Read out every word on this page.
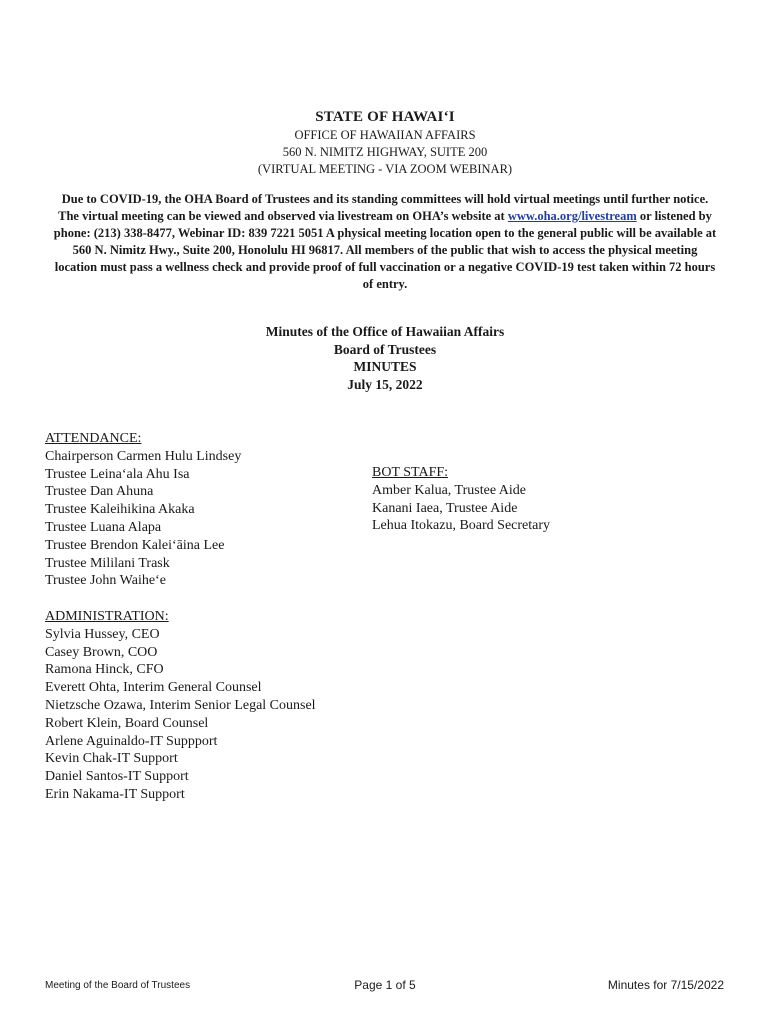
STATE OF HAWAIʻI
OFFICE OF HAWAIIAN AFFAIRS
560 N. NIMITZ HIGHWAY, SUITE 200
(VIRTUAL MEETING - VIA ZOOM WEBINAR)
Due to COVID-19, the OHA Board of Trustees and its standing committees will hold virtual meetings until further notice. The virtual meeting can be viewed and observed via livestream on OHA’s website at www.oha.org/livestream or listened by phone: (213) 338-8477, Webinar ID: 839 7221 5051 A physical meeting location open to the general public will be available at 560 N. Nimitz Hwy., Suite 200, Honolulu HI 96817. All members of the public that wish to access the physical meeting location must pass a wellness check and provide proof of full vaccination or a negative COVID-19 test taken within 72 hours of entry.
Minutes of the Office of Hawaiian Affairs
Board of Trustees
MINUTES
July 15, 2022
ATTENDANCE:
Chairperson Carmen Hulu Lindsey
Trustee Leinaʻala Ahu Isa
Trustee Dan Ahuna
Trustee Kaleihikina Akaka
Trustee Luana Alapa
Trustee Brendon Kaleiʻāina Lee
Trustee Mililani Trask
Trustee John Waiheʻe
BOT STAFF:
Amber Kalua, Trustee Aide
Kanani Iaea, Trustee Aide
Lehua Itokazu, Board Secretary
ADMINISTRATION:
Sylvia Hussey, CEO
Casey Brown, COO
Ramona Hinck, CFO
Everett Ohta, Interim General Counsel
Nietzsche Ozawa, Interim Senior Legal Counsel
Robert Klein, Board Counsel
Arlene Aguinaldo-IT Suppport
Kevin Chak-IT Support
Daniel Santos-IT Support
Erin Nakama-IT Support
Meeting of the Board of Trustees	Page 1 of 5	Minutes for 7/15/2022
